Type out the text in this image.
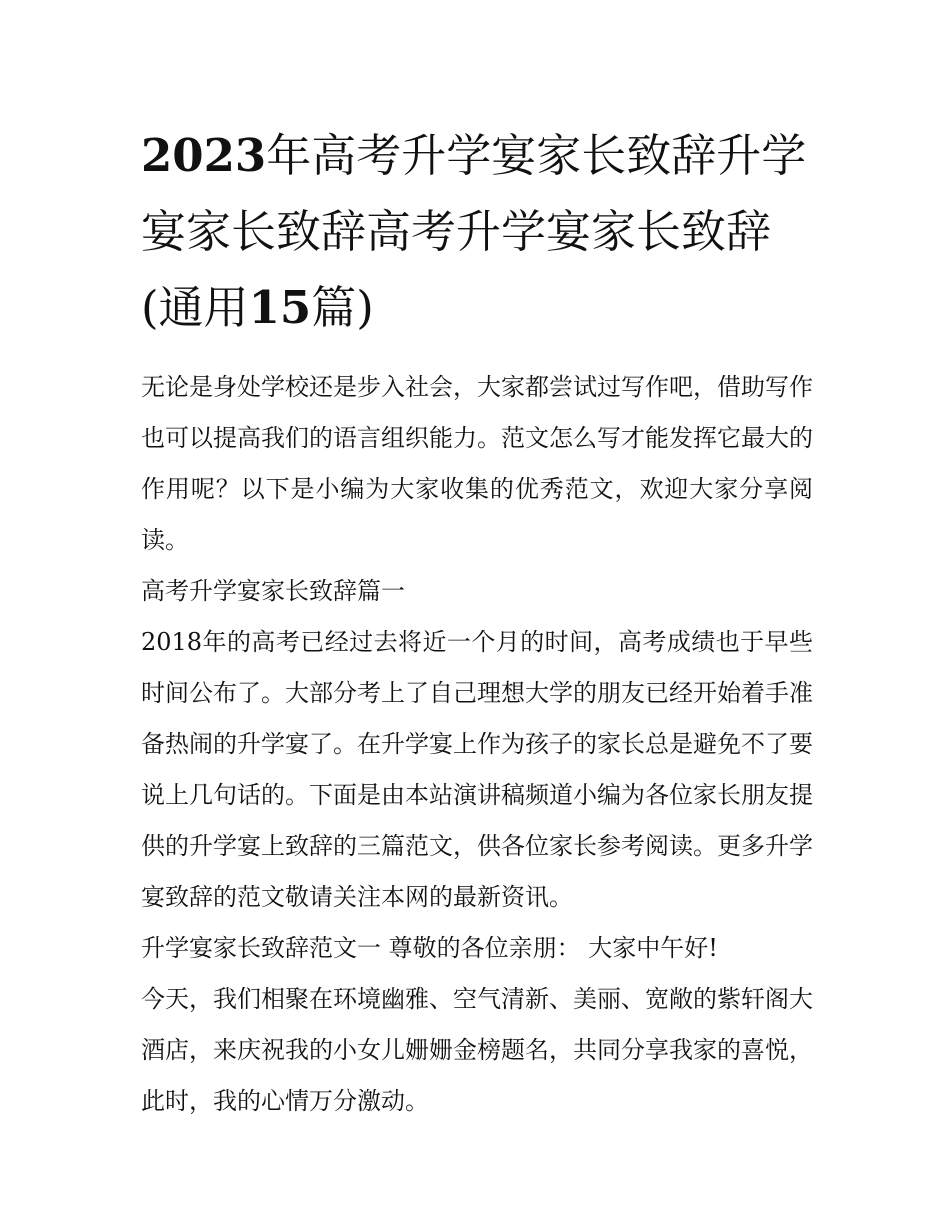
2023年高考升学宴家长致辞升学宴家长致辞高考升学宴家长致辞(通用15篇)

无论是身处学校还是步入社会，大家都尝试过写作吧，借助写作也可以提高我们的语言组织能力。范文怎么写才能发挥它最大的作用呢？以下是小编为大家收集的优秀范文，欢迎大家分享阅读。

高考升学宴家长致辞篇一

2018年的高考已经过去将近一个月的时间，高考成绩也于早些时间公布了。大部分考上了自己理想大学的朋友已经开始着手准备热闹的升学宴了。在升学宴上作为孩子的家长总是避免不了要说上几句话的。下面是由本站演讲稿频道小编为各位家长朋友提供的升学宴上致辞的三篇范文，供各位家长参考阅读。更多升学宴致辞的范文敬请关注本网的最新资讯。

升学宴家长致辞范文一 尊敬的各位亲朋： 大家中午好!

今天，我们相聚在环境幽雅、空气清新、美丽、宽敞的紫轩阁大酒店，来庆祝我的小女儿姗姗金榜题名，共同分享我家的喜悦，此时，我的心情万分激动。
